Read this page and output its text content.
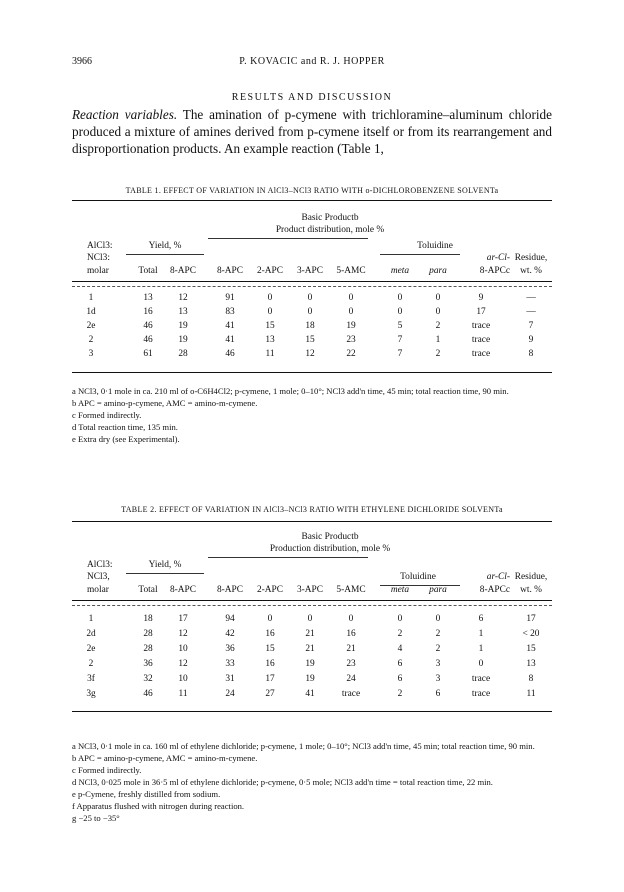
3966	P. KOVACIC and R. J. HOPPER
RESULTS AND DISCUSSION
Reaction variables. The amination of p-cymene with trichloramine–aluminum chloride produced a mixture of amines derived from p-cymene itself or from its rearrangement and disproportionation products. An example reaction (Table 1,
TABLE 1. EFFECT OF VARIATION IN AlCl3–NCl3 RATIO WITH o-DICHLOROBENZENE SOLVENTa
Basic Productb
Product distribution, mole %
AlCl3:
NCl3:
molar
Yield, %	Toluidine
ar-Cl-
8-APCc
Residue,
wt. %
Total	8-APC	8-APC	2-APC	3-APC	5-AMC	meta	para
1	13	12	91	0	0	0	0	0	9	—
1d	16	13	83	0	0	0	0	0	17	—
2e	46	19	41	15	18	19	5	2	trace	7
2	46	19	41	13	15	23	7	1	trace	9
3	61	28	46	11	12	22	7	2	trace	8
a NCl3, 0·1 mole in ca. 210 ml of o-C6H4Cl2; p-cymene, 1 mole; 0–10°; NCl3 add'n time, 45 min; total reaction time, 90 min.
b APC = amino-p-cymene, AMC = amino-m-cymene.
c Formed indirectly.
d Total reaction time, 135 min.
e Extra dry (see Experimental).
TABLE 2. EFFECT OF VARIATION IN AlCl3–NCl3 RATIO WITH ETHYLENE DICHLORIDE SOLVENTa
Basic Productb
Production distribution, mole %
AlCl3:
NCl3,
molar
Yield, %
Toluidine	ar-Cl-
8-APCc
Residue,
wt. %
Total	8-APC	8-APC	2-APC	3-APC	5-AMC	meta	para
1	18	17	94	0	0	0	0	0	6	17
2d	28	12	42	16	21	16	2	2	1	< 20
2e	28	10	36	15	21	21	4	2	1	15
2	36	12	33	16	19	23	6	3	0	13
3f	32	10	31	17	19	24	6	3	trace	8
3g	46	11	24	27	41	trace	2	6	trace	11
a NCl3, 0·1 mole in ca. 160 ml of ethylene dichloride; p-cymene, 1 mole; 0–10°; NCl3 add'n time, 45 min; total reaction time, 90 min.
b APC = amino-p-cymene, AMC = amino-m-cymene.
c Formed indirectly.
d NCl3, 0·025 mole in 36·5 ml of ethylene dichloride; p-cymene, 0·5 mole; NCl3 add'n time = total reaction time, 22 min.
e p-Cymene, freshly distilled from sodium.
f Apparatus flushed with nitrogen during reaction.
g −25 to −35°
